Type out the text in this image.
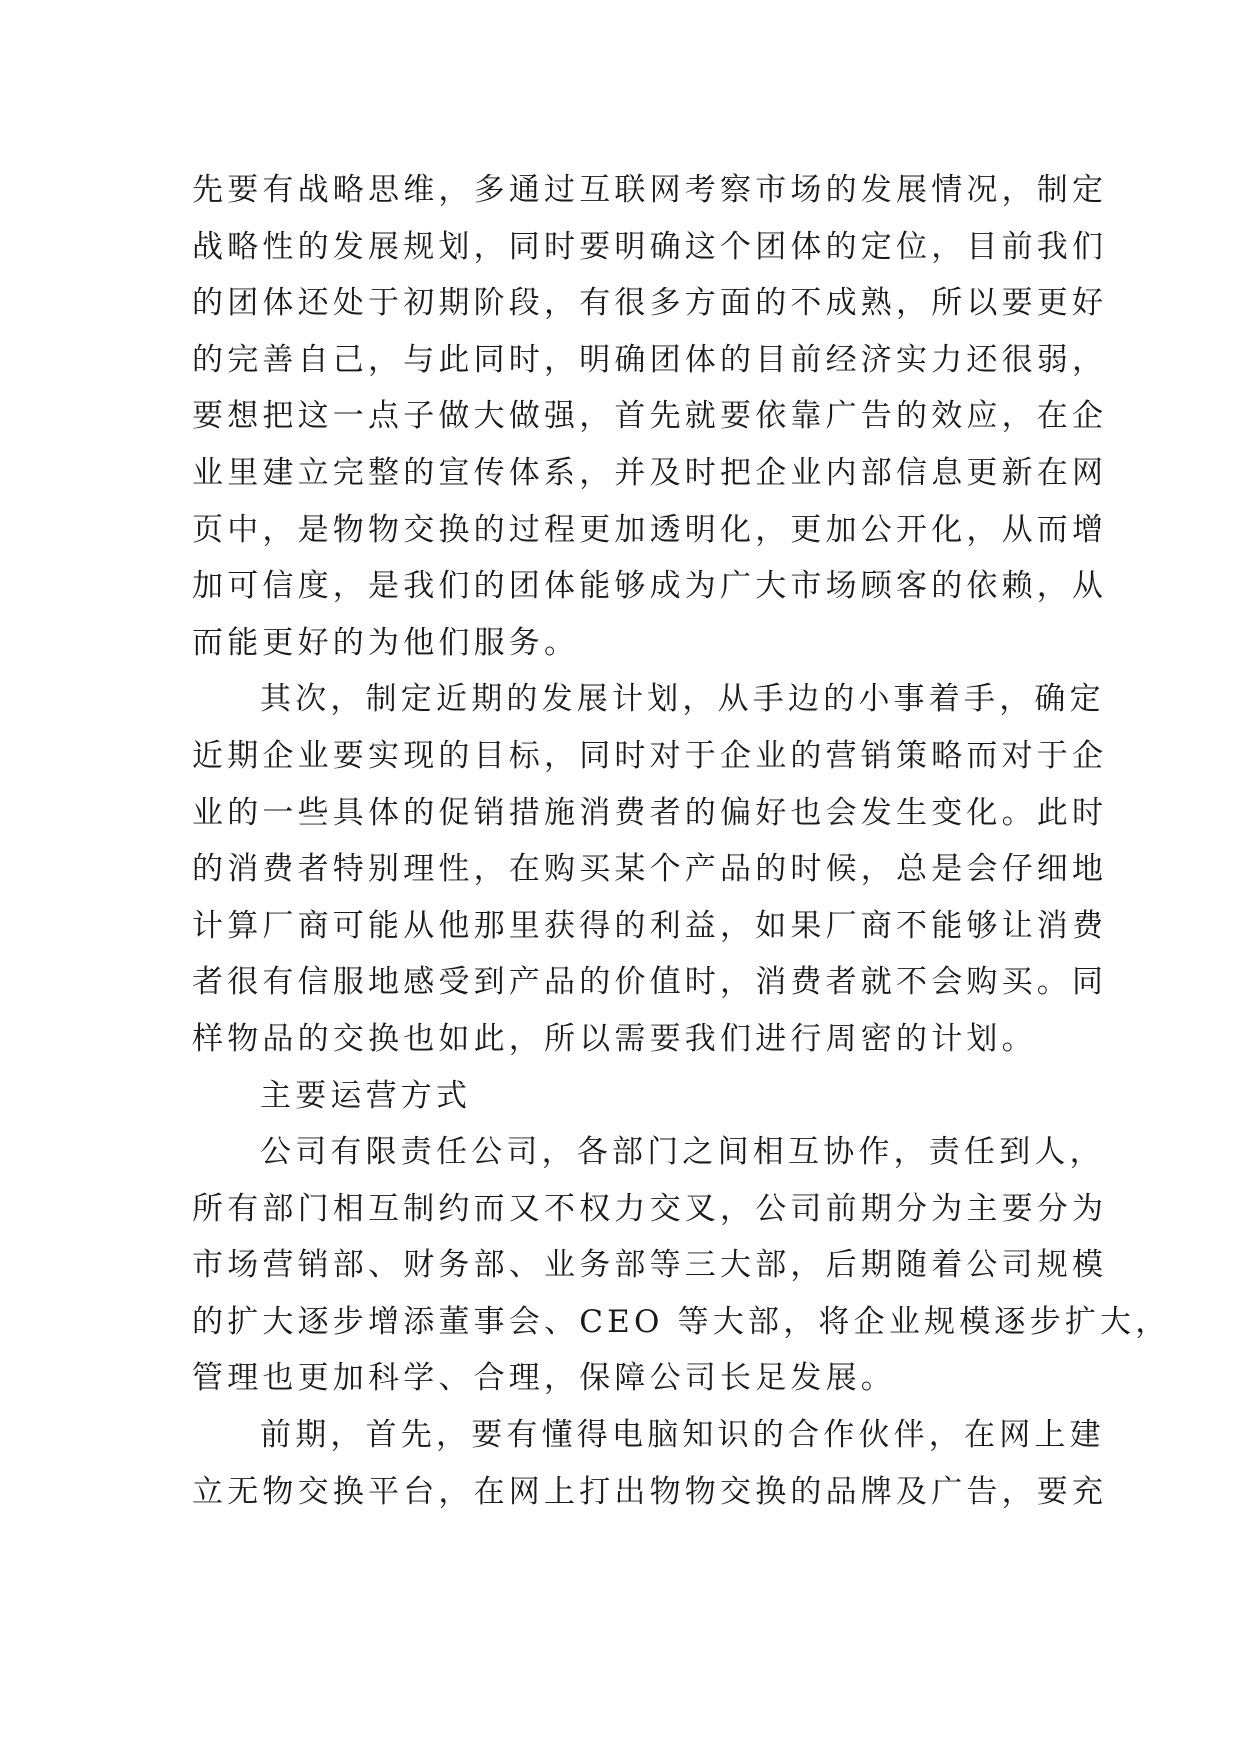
先要有战略思维，多通过互联网考察市场的发展情况，制定
战略性的发展规划，同时要明确这个团体的定位，目前我们
的团体还处于初期阶段，有很多方面的不成熟，所以要更好
的完善自己，与此同时，明确团体的目前经济实力还很弱，
要想把这一点子做大做强，首先就要依靠广告的效应，在企
业里建立完整的宣传体系，并及时把企业内部信息更新在网
页中，是物物交换的过程更加透明化，更加公开化，从而增
加可信度，是我们的团体能够成为广大市场顾客的依赖，从
而能更好的为他们服务。
其次，制定近期的发展计划，从手边的小事着手，确定
近期企业要实现的目标，同时对于企业的营销策略而对于企
业的一些具体的促销措施消费者的偏好也会发生变化。此时
的消费者特别理性，在购买某个产品的时候，总是会仔细地
计算厂商可能从他那里获得的利益，如果厂商不能够让消费
者很有信服地感受到产品的价值时，消费者就不会购买。同
样物品的交换也如此，所以需要我们进行周密的计划。
主要运营方式
公司有限责任公司，各部门之间相互协作，责任到人，
所有部门相互制约而又不权力交叉，公司前期分为主要分为
市场营销部、财务部、业务部等三大部，后期随着公司规模
的扩大逐步增添董事会、CEO 等大部，将企业规模逐步扩大，
管理也更加科学、合理，保障公司长足发展。
前期，首先，要有懂得电脑知识的合作伙伴，在网上建
立无物交换平台，在网上打出物物交换的品牌及广告，要充
